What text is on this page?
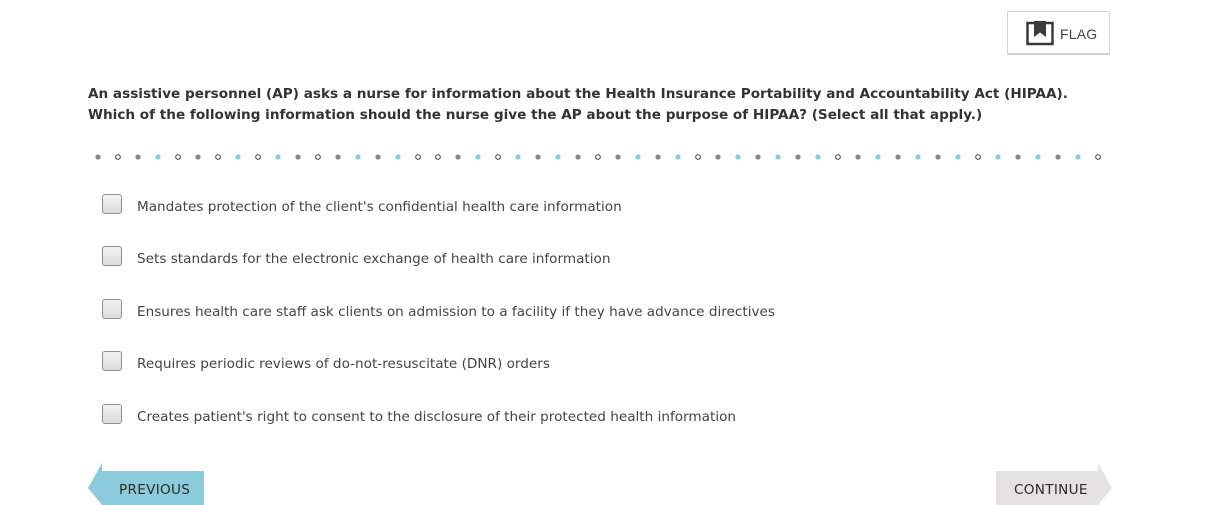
FLAG
An assistive personnel (AP) asks a nurse for information about the Health Insurance Portability and Accountability Act (HIPAA). Which of the following information should the nurse give the AP about the purpose of HIPAA? (Select all that apply.)
Mandates protection of the client's confidential health care information
Sets standards for the electronic exchange of health care information
Ensures health care staff ask clients on admission to a facility if they have advance directives
Requires periodic reviews of do-not-resuscitate (DNR) orders
Creates patient's right to consent to the disclosure of their protected health information
PREVIOUS	CONTINUE
